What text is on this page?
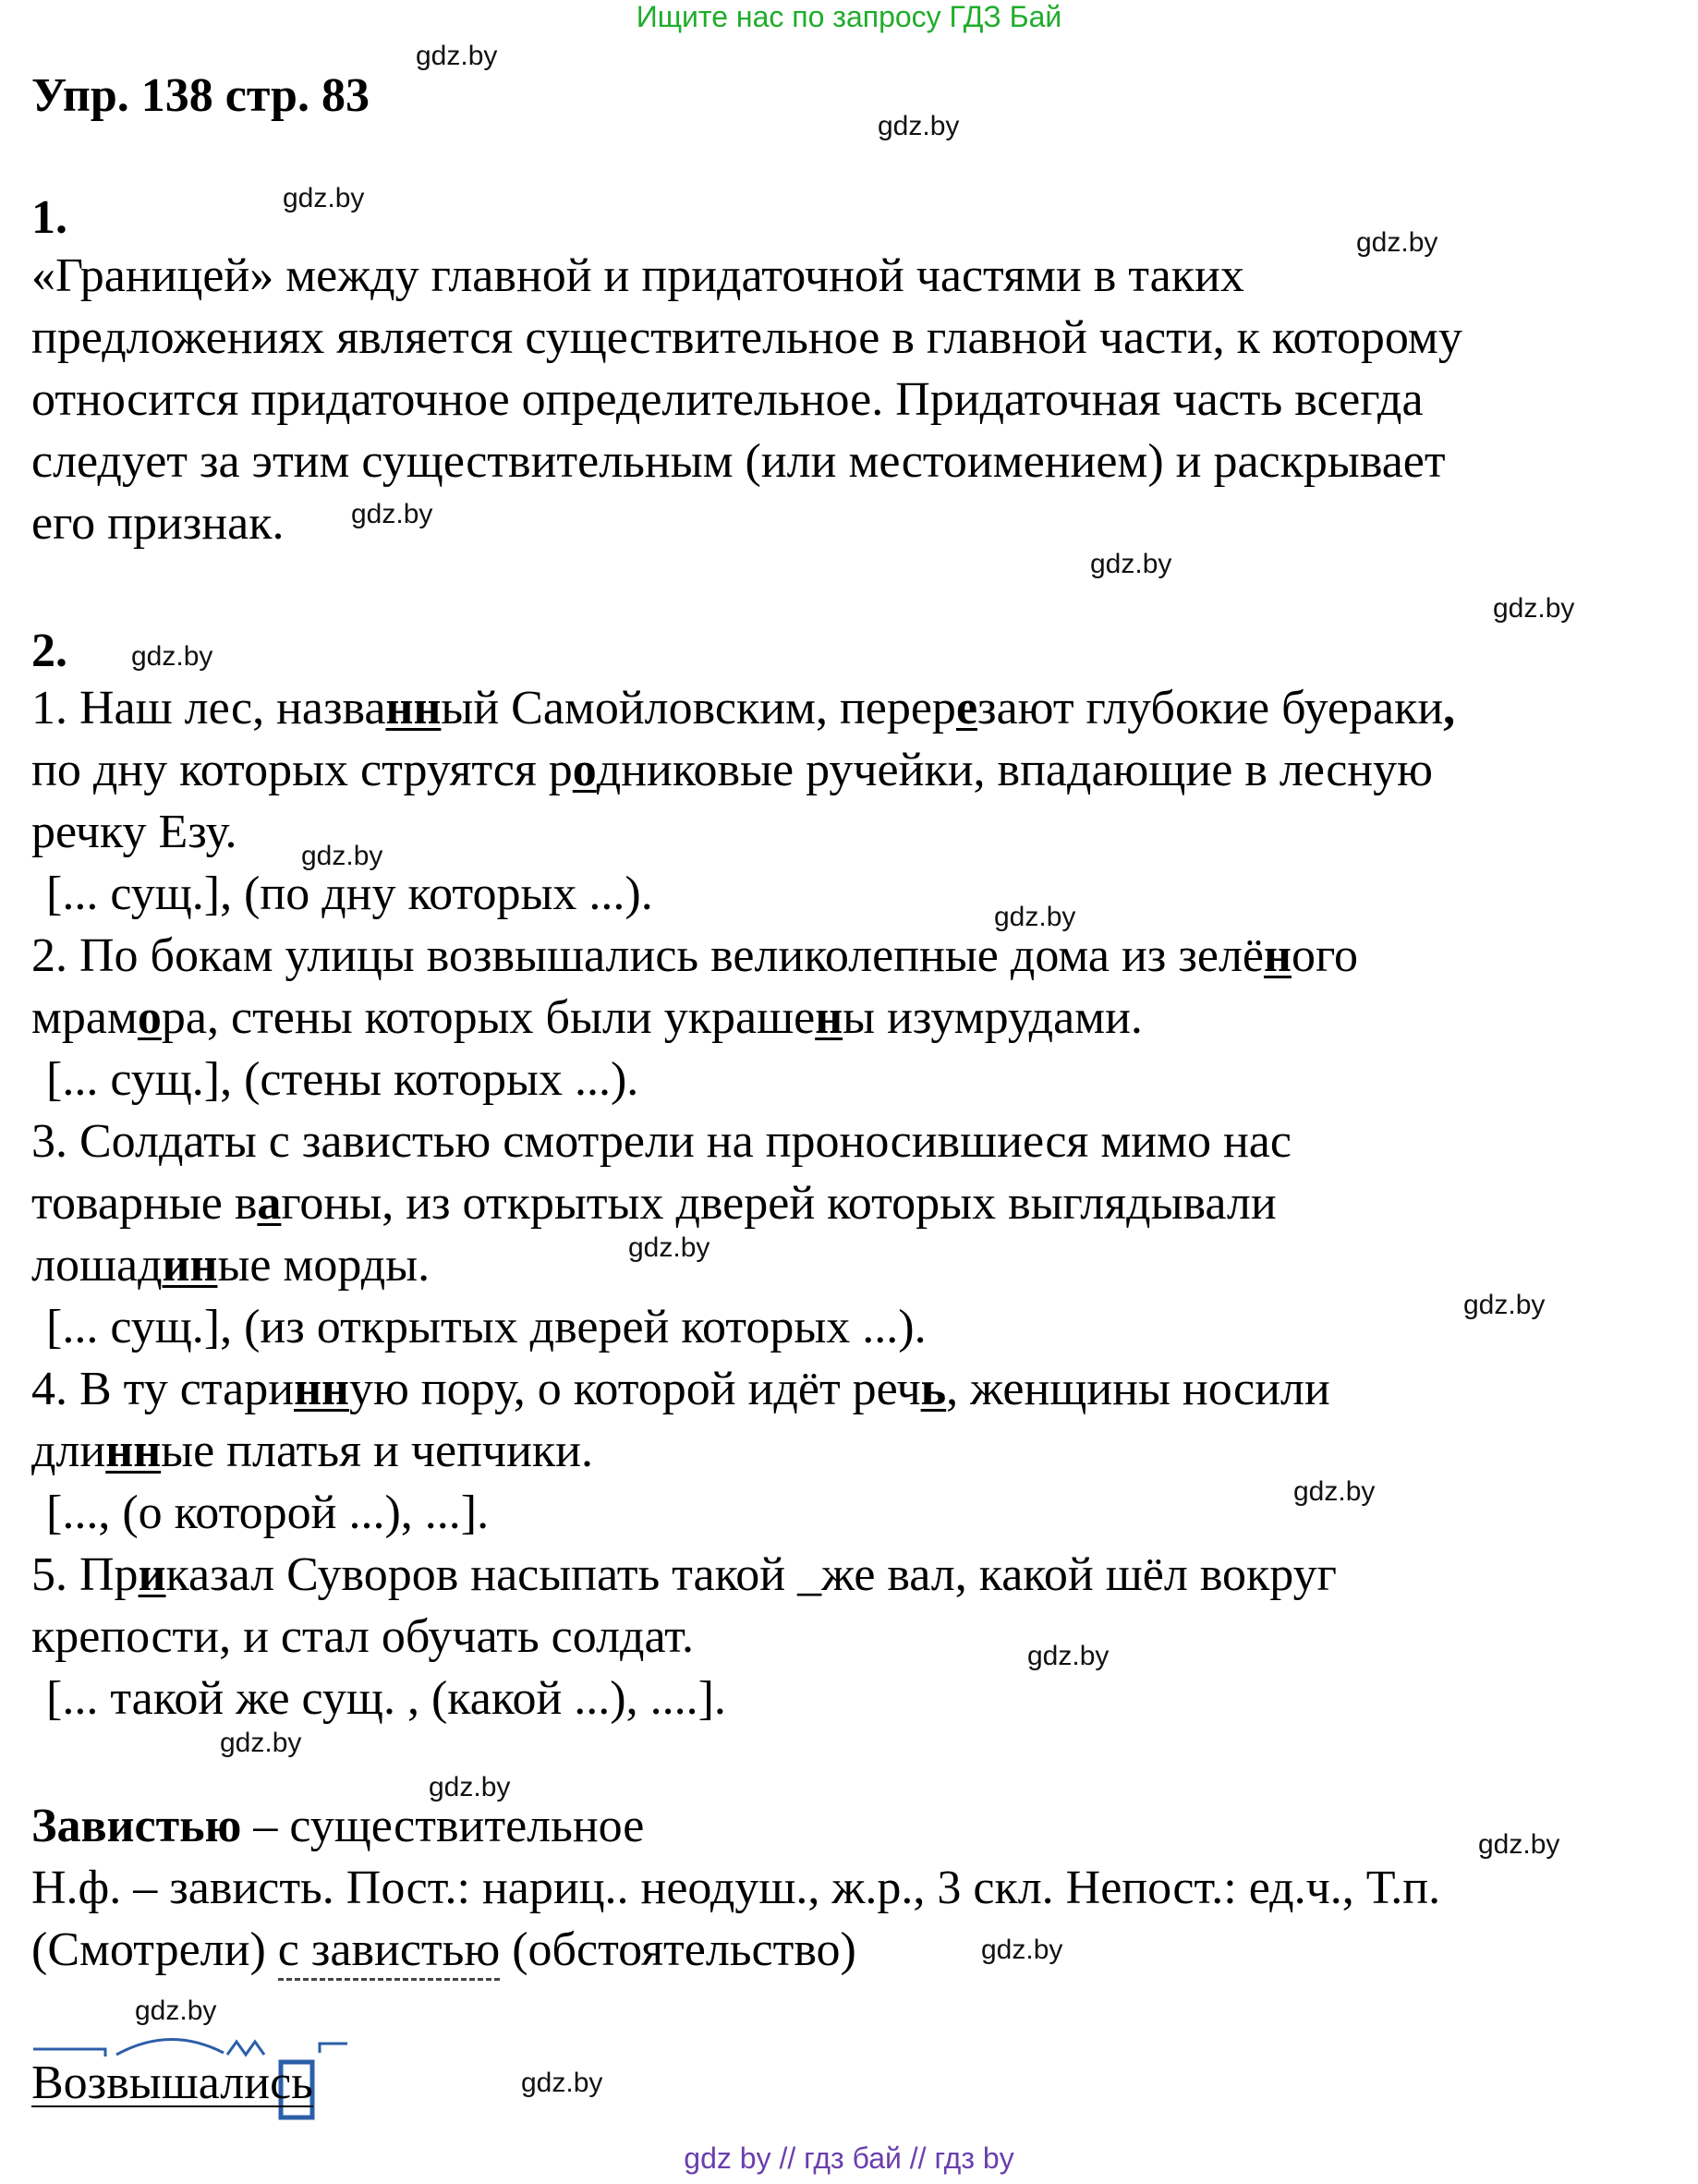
Ищите нас по запросу ГДЗ Бай
Упр. 138 стр. 83
1.
«Границей» между главной и придаточной частями в таких
предложениях является существительное в главной части, к которому
относится придаточное определительное. Придаточная часть всегда
следует за этим существительным (или местоимением) и раскрывает
его признак.
2.
1. Наш лес, названный Самойловским, перерезают глубокие буераки,
по дну которых струятся родниковые ручейки, впадающие в лесную
речку Езу.
[... сущ.], (по дну которых ...).
2. По бокам улицы возвышались великолепные дома из зелёного
мрамора, стены которых были украшены изумрудами.
[... сущ.], (стены которых ...).
3. Солдаты с завистью смотрели на проносившиеся мимо нас
товарные вагоны, из открытых дверей которых выглядывали
лошадиные морды.
[... сущ.], (из открытых дверей которых ...).
4. В ту старинную пору, о которой идёт речь, женщины носили
длинные платья и чепчики.
[..., (о которой ...), ...].
5. Приказал Суворов насыпать такой _же вал, какой шёл вокруг
крепости, и стал обучать солдат.
[... такой же сущ. , (какой ...), ....].
Завистью – существительное
Н.ф. – зависть. Пост.: нариц.. неодуш., ж.р., 3 скл. Непост.: ед.ч., Т.п.
(Смотрели) с завистью (обстоятельство)
Возвышались
gdz.by
gdz.by
gdz.by
gdz.by
gdz.by
gdz.by
gdz.by
gdz.by
gdz.by
gdz.by
gdz.by
gdz.by
gdz.by
gdz.by
gdz.by
gdz.by
gdz.by
gdz.by
gdz.by
gdz.by
gdz by // гдз бай // гдз by
